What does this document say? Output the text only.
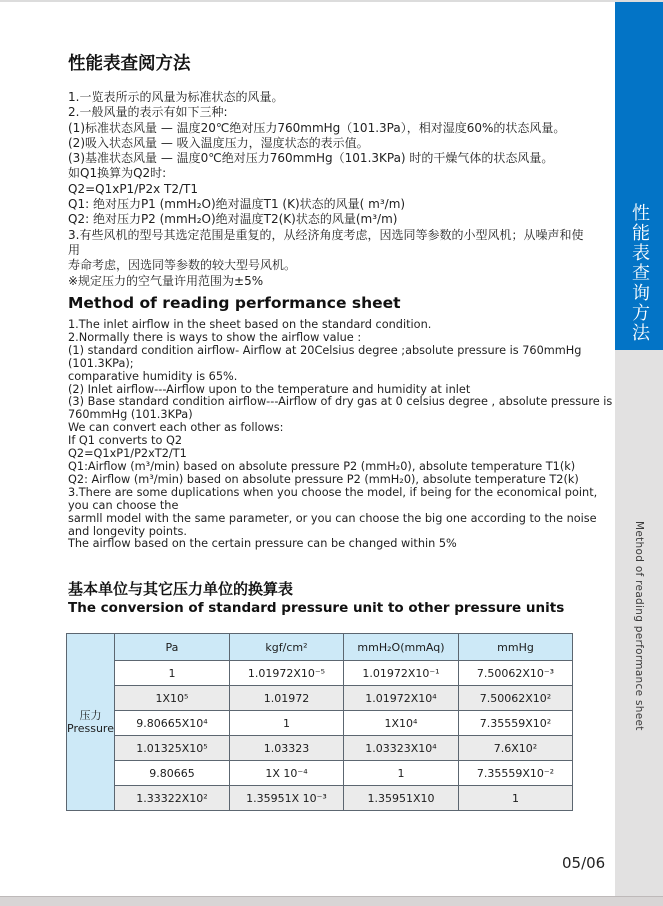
性能表查阅方法
1.一览表所示的风量为标准状态的风量。
2.一般风量的表示有如下三种:
(1)标准状态风量 — 温度20℃绝对压力760mmHg（101.3Pa），相对湿度60%的状态风量。
(2)吸入状态风量 — 吸入温度压力，湿度状态的表示值。
(3)基准状态风量 — 温度0℃绝对压力760mmHg（101.3KPa) 时的干燥气体的状态风量。
如Q1换算为Q2时:
Q2=Q1xP1/P2x T2/T1
Q1: 绝对压力P1 (mmH₂O)绝对温度T1 (K)状态的风量( m³/m)
Q2: 绝对压力P2 (mmH₂O)绝对温度T2(K)状态的风量(m³/m)
3.有些风机的型号其选定范围是重复的，从经济角度考虑，因选同等参数的小型风机；从噪声和使用
寿命考虑，因选同等参数的较大型号风机。
※规定压力的空气量许用范围为±5%
Method of reading performance sheet
1.The inlet airflow in the sheet based on the standard condition.
2.Normally there is ways to show the airflow value :
(1) standard condition airflow- Airflow at 20Celsius degree ;absolute pressure is 760mmHg (101.3KPa);
comparative humidity is 65%.
(2) Inlet airflow---Airflow upon to the temperature and humidity at inlet
(3) Base standard condition airflow---Airflow of dry gas at 0 celsius degree , absolute pressure is 760mmHg (101.3KPa)
We can convert each other as follows:
If Q1 converts to Q2
Q2=Q1xP1/P2xT2/T1
Q1:Airflow (m³/min) based on absolute pressure P2 (mmH₂0), absolute temperature T1(k)
Q2: Airflow (m³/min) based on absolute pressure P2 (mmH₂0), absolute temperature T2(k)
3.There are some duplications when you choose the model, if being for the economical point, you can choose the
sarmll model with the same parameter, or you can choose the big one according to the noise and longevity points.
The airflow based on the certain pressure can be changed within 5%
基本单位与其它压力单位的换算表
The conversion of standard pressure unit to other pressure units
压力
Pressure	Pa	kgf/cm²	mmH₂O(mmAq)	mmHg
	1	1.01972X10⁻⁵	1.01972X10⁻¹	7.50062X10⁻³
	1X10⁵	1.01972	1.01972X10⁴	7.50062X10²
	9.80665X10⁴	1	1X10⁴	7.35559X10²
	1.01325X10⁵	1.03323	1.03323X10⁴	7.6X10²
	9.80665	1X 10⁻⁴	1	7.35559X10⁻²
	1.33322X10²	1.35951X 10⁻³	1.35951X10	1
05/06
性能表查询方法
Method of reading performance sheet
